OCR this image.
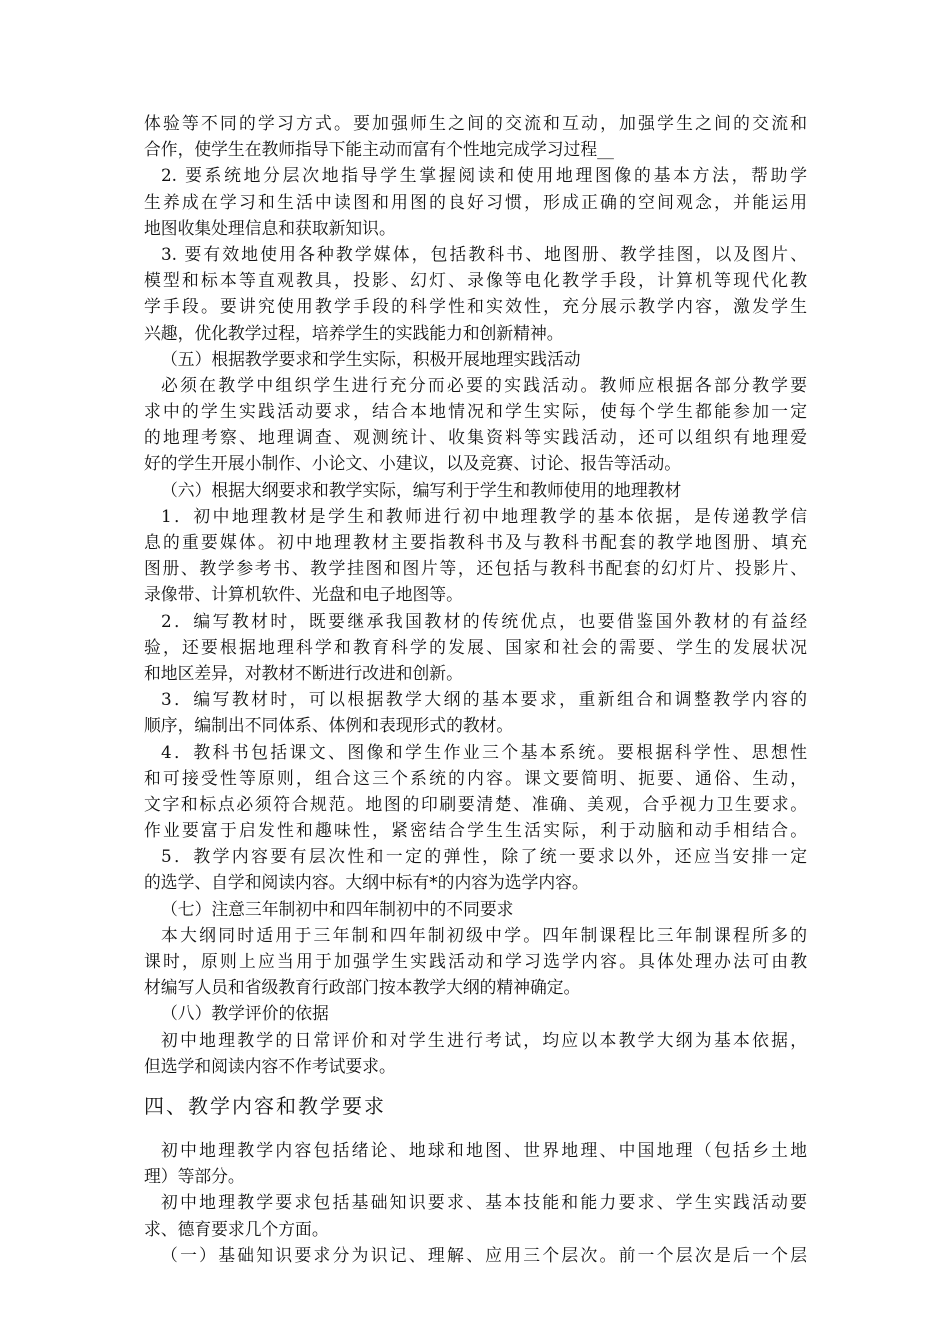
体验等不同的学习方式。要加强师生之间的交流和互动，加强学生之间的交流和
合作，使学生在教师指导下能主动而富有个性地完成学习过程__
2. 要系统地分层次地指导学生掌握阅读和使用地理图像的基本方法，帮助学
生养成在学习和生活中读图和用图的良好习惯，形成正确的空间观念，并能运用
地图收集处理信息和获取新知识。
3. 要有效地使用各种教学媒体，包括教科书、地图册、教学挂图，以及图片、
模型和标本等直观教具，投影、幻灯、录像等电化教学手段，计算机等现代化教
学手段。要讲究使用教学手段的科学性和实效性，充分展示教学内容，激发学生
兴趣，优化教学过程，培养学生的实践能力和创新精神。
（五）根据教学要求和学生实际，积极开展地理实践活动
必须在教学中组织学生进行充分而必要的实践活动。教师应根据各部分教学要
求中的学生实践活动要求，结合本地情况和学生实际，使每个学生都能参加一定
的地理考察、地理调查、观测统计、收集资料等实践活动，还可以组织有地理爱
好的学生开展小制作、小论文、小建议，以及竞赛、讨论、报告等活动。
（六）根据大纲要求和教学实际，编写利于学生和教师使用的地理教材
1．初中地理教材是学生和教师进行初中地理教学的基本依据，是传递教学信
息的重要媒体。初中地理教材主要指教科书及与教科书配套的教学地图册、填充
图册、教学参考书、教学挂图和图片等，还包括与教科书配套的幻灯片、投影片、
录像带、计算机软件、光盘和电子地图等。
2．编写教材时，既要继承我国教材的传统优点，也要借鉴国外教材的有益经
验，还要根据地理科学和教育科学的发展、国家和社会的需要、学生的发展状况
和地区差异，对教材不断进行改进和创新。
3．编写教材时，可以根据教学大纲的基本要求，重新组合和调整教学内容的
顺序，编制出不同体系、体例和表现形式的教材。
4．教科书包括课文、图像和学生作业三个基本系统。要根据科学性、思想性
和可接受性等原则，组合这三个系统的内容。课文要简明、扼要、通俗、生动，
文字和标点必须符合规范。地图的印刷要清楚、准确、美观，合乎视力卫生要求。
作业要富于启发性和趣味性，紧密结合学生生活实际，利于动脑和动手相结合。
5．教学内容要有层次性和一定的弹性，除了统一要求以外，还应当安排一定
的选学、自学和阅读内容。大纲中标有*的内容为选学内容。
（七）注意三年制初中和四年制初中的不同要求
本大纲同时适用于三年制和四年制初级中学。四年制课程比三年制课程所多的
课时，原则上应当用于加强学生实践活动和学习选学内容。具体处理办法可由教
材编写人员和省级教育行政部门按本教学大纲的精神确定。
（八）教学评价的依据
初中地理教学的日常评价和对学生进行考试，均应以本教学大纲为基本依据，
但选学和阅读内容不作考试要求。
四、教学内容和教学要求
初中地理教学内容包括绪论、地球和地图、世界地理、中国地理（包括乡土地
理）等部分。
初中地理教学要求包括基础知识要求、基本技能和能力要求、学生实践活动要
求、德育要求几个方面。
（一）基础知识要求分为识记、理解、应用三个层次。前一个层次是后一个层
